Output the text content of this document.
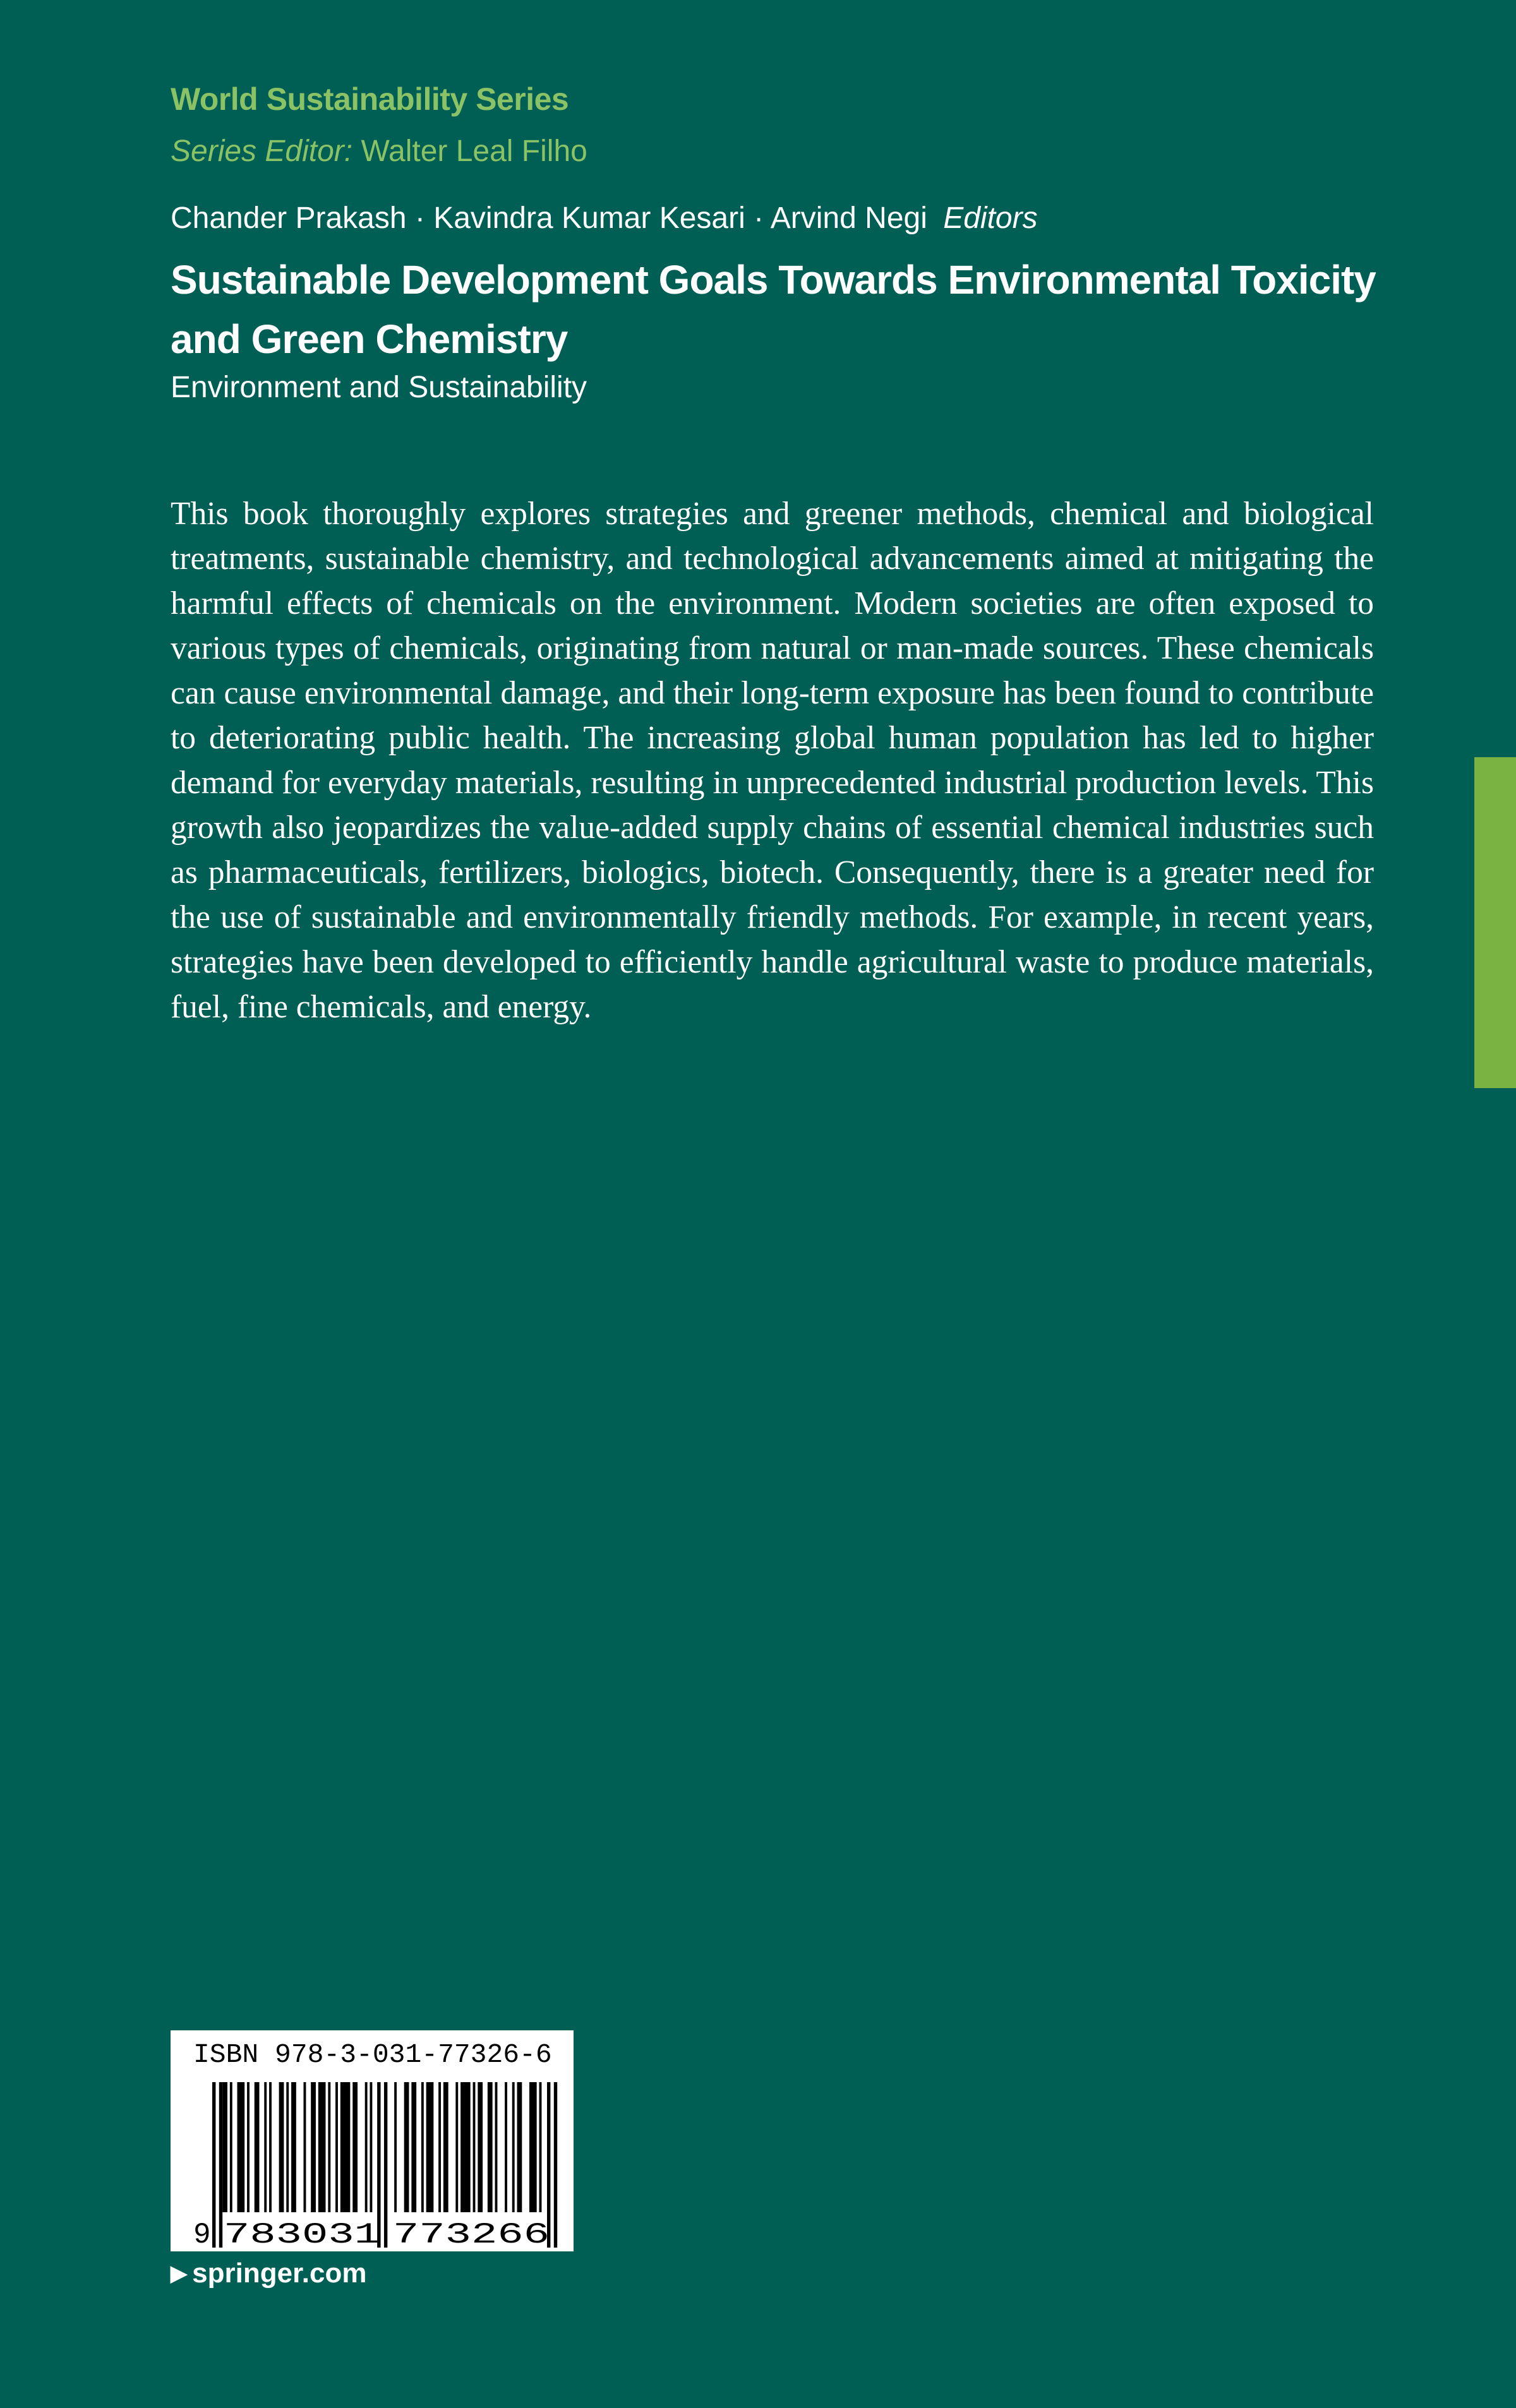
World Sustainability Series
Series Editor: Walter Leal Filho
Chander Prakash · Kavindra Kumar Kesari · Arvind Negi Editors
Sustainable Development Goals Towards Environmental Toxicity and Green Chemistry
Environment and Sustainability

This book thoroughly explores strategies and greener methods, chemical and biological treatments, sustainable chemistry, and technological advancements aimed at mitigating the harmful effects of chemicals on the environment. Modern societies are often exposed to various types of chemicals, originating from natural or man-made sources. These chemicals can cause environmental damage, and their long-term exposure has been found to contribute to deteriorating public health. The increasing global human population has led to higher demand for everyday materials, resulting in unprecedented industrial production levels. This growth also jeopardizes the value-added supply chains of essential chemical industries such as pharmaceuticals, fertilizers, biologics, biotech. Consequently, there is a greater need for the use of sustainable and environmentally friendly methods. For example, in recent years, strategies have been developed to efficiently handle agricultural waste to produce materials, fuel, fine chemicals, and energy.

ISBN 978-3-031-77326-6
9 783031 773266
▶ springer.com
